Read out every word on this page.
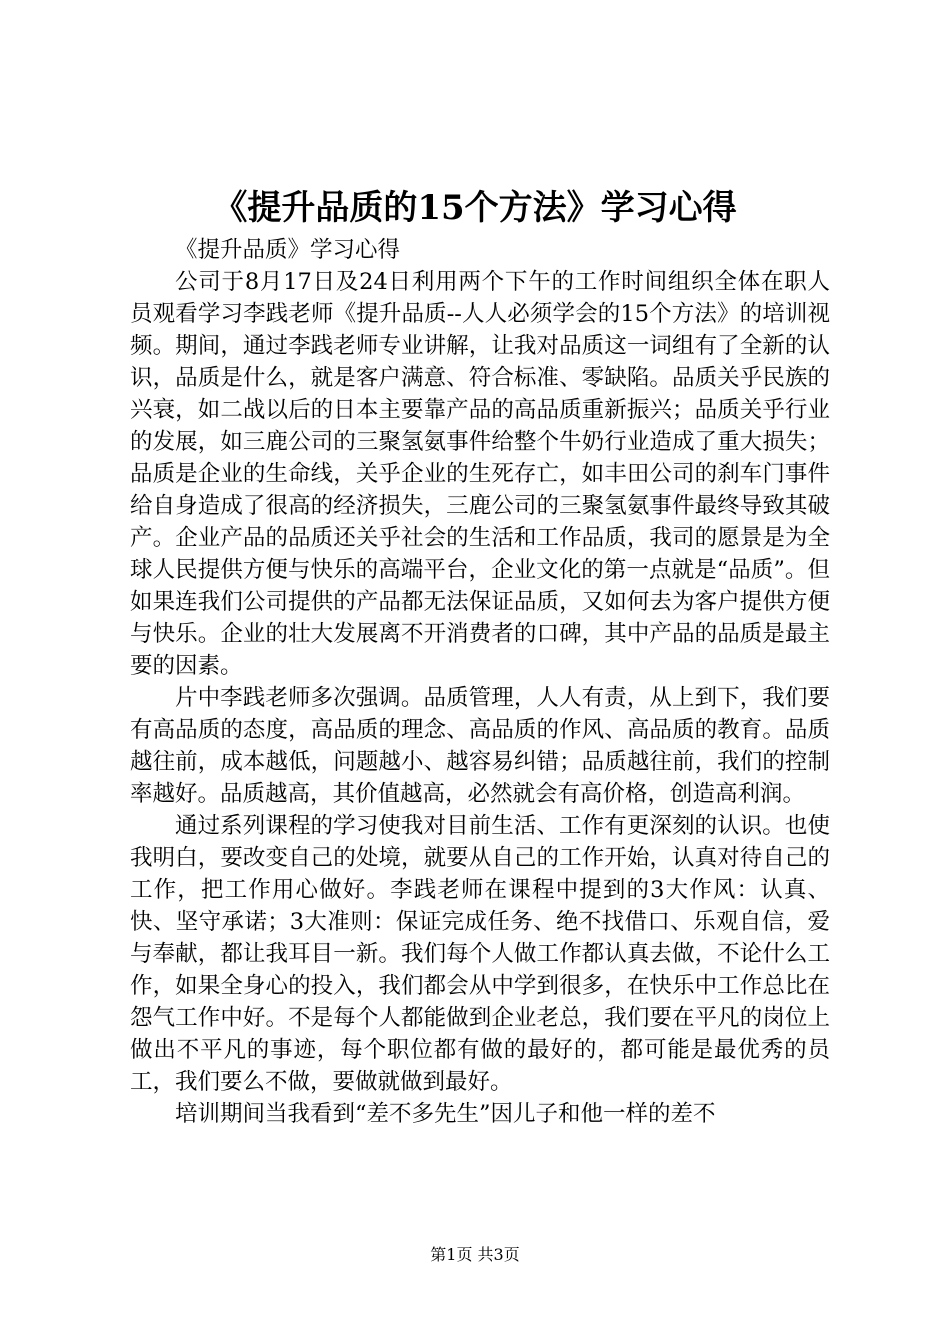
《提升品质的15个方法》学习心得

《提升品质》学习心得

公司于8月17日及24日利用两个下午的工作时间组织全体在职人员观看学习李践老师《提升品质--人人必须学会的15个方法》的培训视频。期间，通过李践老师专业讲解，让我对品质这一词组有了全新的认识，品质是什么，就是客户满意、符合标准、零缺陷。品质关乎民族的兴衰，如二战以后的日本主要靠产品的高品质重新振兴；品质关乎行业的发展，如三鹿公司的三聚氢氨事件给整个牛奶行业造成了重大损失；品质是企业的生命线，关乎企业的生死存亡，如丰田公司的刹车门事件给自身造成了很高的经济损失，三鹿公司的三聚氢氨事件最终导致其破产。企业产品的品质还关乎社会的生活和工作品质，我司的愿景是为全球人民提供方便与快乐的高端平台，企业文化的第一点就是“品质”。但如果连我们公司提供的产品都无法保证品质，又如何去为客户提供方便与快乐。企业的壮大发展离不开消费者的口碑，其中产品的品质是最主要的因素。

片中李践老师多次强调。品质管理，人人有责，从上到下，我们要有高品质的态度，高品质的理念、高品质的作风、高品质的教育。品质越往前，成本越低，问题越小、越容易纠错；品质越往前，我们的控制率越好。品质越高，其价值越高，必然就会有高价格，创造高利润。

通过系列课程的学习使我对目前生活、工作有更深刻的认识。也使我明白，要改变自己的处境，就要从自己的工作开始，认真对待自己的工作，把工作用心做好。李践老师在课程中提到的3大作风：认真、快、坚守承诺；3大准则：保证完成任务、绝不找借口、乐观自信，爱与奉献，都让我耳目一新。我们每个人做工作都认真去做，不论什么工作，如果全身心的投入，我们都会从中学到很多，在快乐中工作总比在怨气工作中好。不是每个人都能做到企业老总，我们要在平凡的岗位上做出不平凡的事迹，每个职位都有做的最好的，都可能是最优秀的员工，我们要么不做，要做就做到最好。

培训期间当我看到“差不多先生”因儿子和他一样的差不

第1页 共3页
